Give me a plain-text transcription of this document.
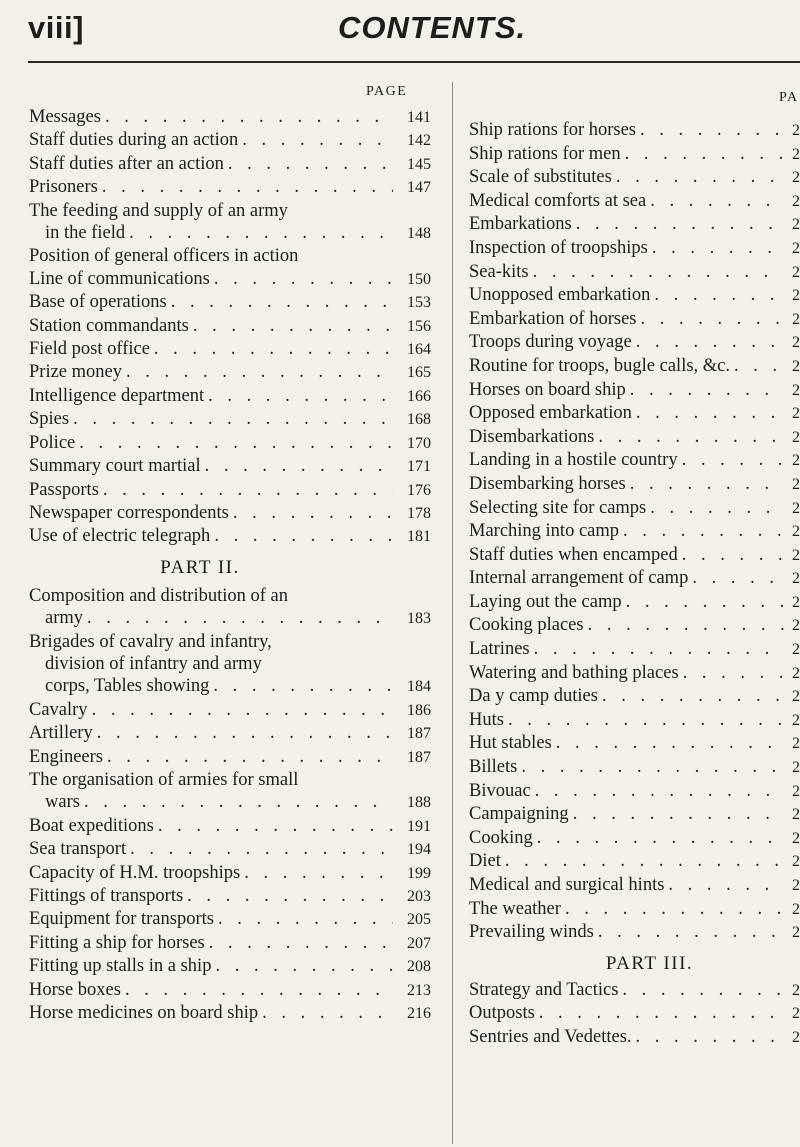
viii]	CONTENTS.
PAGE	PA
Messages . . .	141
Staff duties during an action . . .	142
Staff duties after an action . . .	145
Prisoners . . .	147
The feeding and supply of an army
in the field . . .	148
Position of general officers in action
Line of communications . . .	150
Base of operations . . .	153
Station commandants . . .	156
Field post office . . .	164
Prize money . . .	165
Intelligence department . . .	166
Spies . . .	168
Police . . .	170
Summary court martial . . .	171
Passports . . .	176
Newspaper correspondents . . .	178
Use of electric telegraph . . .	181
PART II.
Composition and distribution of an
army . . .	183
Brigades of cavalry and infantry,
division of infantry and army
corps, Tables showing . . .	184
Cavalry . . .	186
Artillery . . .	187
Engineers . . .	187
The organisation of armies for small
wars . . .	188
Boat expeditions . . .	191
Sea transport . . .	194
Capacity of H.M. troopships . . .	199
Fittings of transports . . .	203
Equipment for transports . . .	205
Fitting a ship for horses . . .	207
Fitting up stalls in a ship . . .	208
Horse boxes . . .	213
Horse medicines on board ship . . .	216
Ship rations for horses . . .	2
Ship rations for men . . .	2
Scale of substitutes . . .	2
Medical comforts at sea . . .	2
Embarkations . . .	2
Inspection of troopships . . .	2
Sea-kits . . .	2
Unopposed embarkation . . .	2
Embarkation of horses . . .	2
Troops during voyage . . .	2
Routine for troops, bugle calls, &c. . . .	2
Horses on board ship . . .	2
Opposed embarkation . . .	2
Disembarkations . . .	2
Landing in a hostile country . . .	2
Disembarking horses . . .	2
Selecting site for camps . . .	2
Marching into camp . . .	2
Staff duties when encamped . . .	2
Internal arrangement of camp . . .	2
Laying out the camp . . .	2
Cooking places . . .	2
Latrines . . .	2
Watering and bathing places . . .	2
Da y camp duties . . .	2
Huts . . .	2
Hut stables . . .	2
Billets . . .	2
Bivouac . . .	2
Campaigning . . .	2
Cooking . . .	2
Diet . . .	2
Medical and surgical hints . . .	2
The weather . . .	2
Prevailing winds . . .	2
PART III.
Strategy and Tactics . . .	2
Outposts . . .	2
Sentries and Vedettes. . . .	2
